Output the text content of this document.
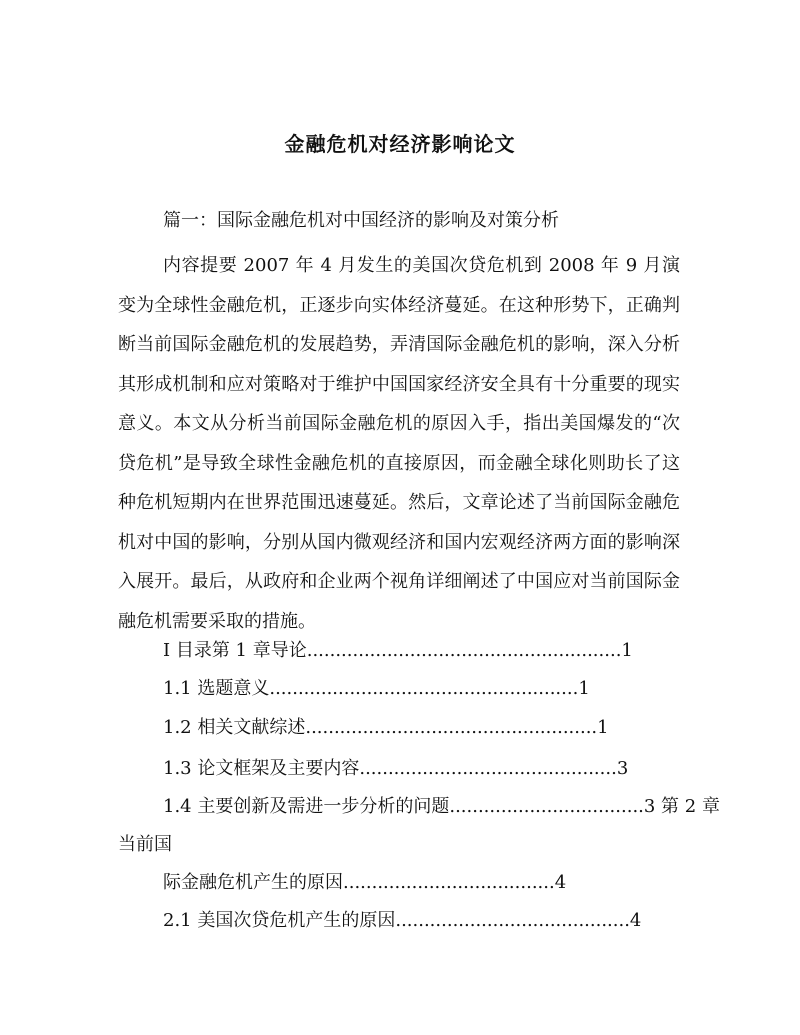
金融危机对经济影响论文
篇一：国际金融危机对中国经济的影响及对策分析
内容提要 2007 年 4 月发生的美国次贷危机到 2008 年 9 月演变为全球性金融危机，正逐步向实体经济蔓延。在这种形势下，正确判断当前国际金融危机的发展趋势，弄清国际金融危机的影响，深入分析其形成机制和应对策略对于维护中国国家经济安全具有十分重要的现实意义。本文从分析当前国际金融危机的原因入手，指出美国爆发的“次贷危机”是导致全球性金融危机的直接原因，而金融全球化则助长了这种危机短期内在世界范围迅速蔓延。然后，文章论述了当前国际金融危机对中国的影响，分别从国内微观经济和国内宏观经济两方面的影响深入展开。最后，从政府和企业两个视角详细阐述了中国应对当前国际金融危机需要采取的措施。
I 目录第 1 章导论.......................................................1
1.1 选题意义......................................................1
1.2 相关文献综述...................................................1
1.3 论文框架及主要内容.............................................3
1.4 主要创新及需进一步分析的问题..................................3 第 2 章
当前国
际金融危机产生的原因.....................................4
2.1 美国次贷危机产生的原因.........................................4
